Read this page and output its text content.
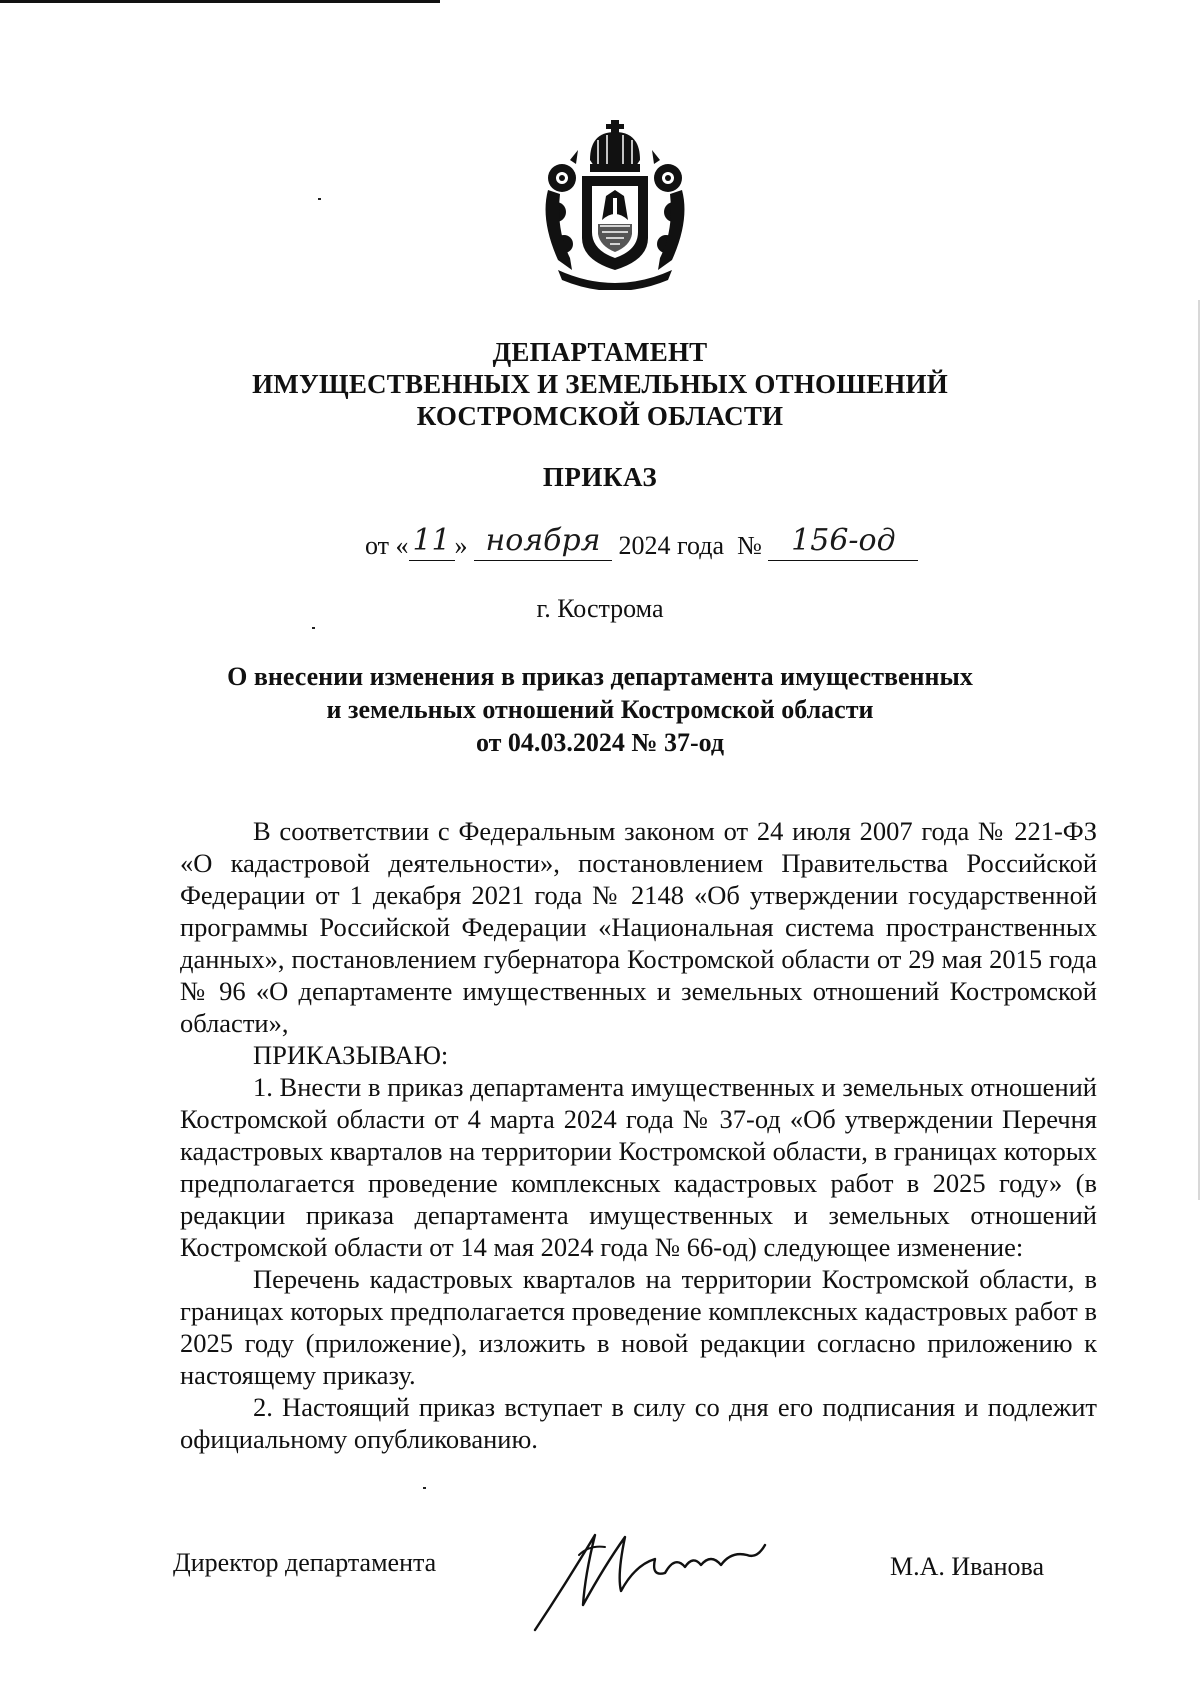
ДЕПАРТАМЕНТ
ИМУЩЕСТВЕННЫХ И ЗЕМЕЛЬНЫХ ОТНОШЕНИЙ
КОСТРОМСКОЙ ОБЛАСТИ
ПРИКАЗ
от « 11 » ноября 2024 года № 156-од
г. Кострома
О внесении изменения в приказ департамента имущественных
и земельных отношений Костромской области
от 04.03.2024 № 37-од

В соответствии с Федеральным законом от 24 июля 2007 года № 221-ФЗ «О кадастровой деятельности», постановлением Правительства Российской Федерации от 1 декабря 2021 года № 2148 «Об утверждении государственной программы Российской Федерации «Национальная система пространственных данных», постановлением губернатора Костромской области от 29 мая 2015 года № 96 «О департаменте имущественных и земельных отношений Костромской области»,

ПРИКАЗЫВАЮ:

1. Внести в приказ департамента имущественных и земельных отношений Костромской области от 4 марта 2024 года № 37-од «Об утверждении Перечня кадастровых кварталов на территории Костромской области, в границах которых предполагается проведение комплексных кадастровых работ в 2025 году» (в редакции приказа департамента имущественных и земельных отношений Костромской области от 14 мая 2024 года № 66-од) следующее изменение:

Перечень кадастровых кварталов на территории Костромской области, в границах которых предполагается проведение комплексных кадастровых работ в 2025 году (приложение), изложить в новой редакции согласно приложению к настоящему приказу.

2. Настоящий приказ вступает в силу со дня его подписания и подлежит официальному опубликованию.

Директор департамента	М.А. Иванова
